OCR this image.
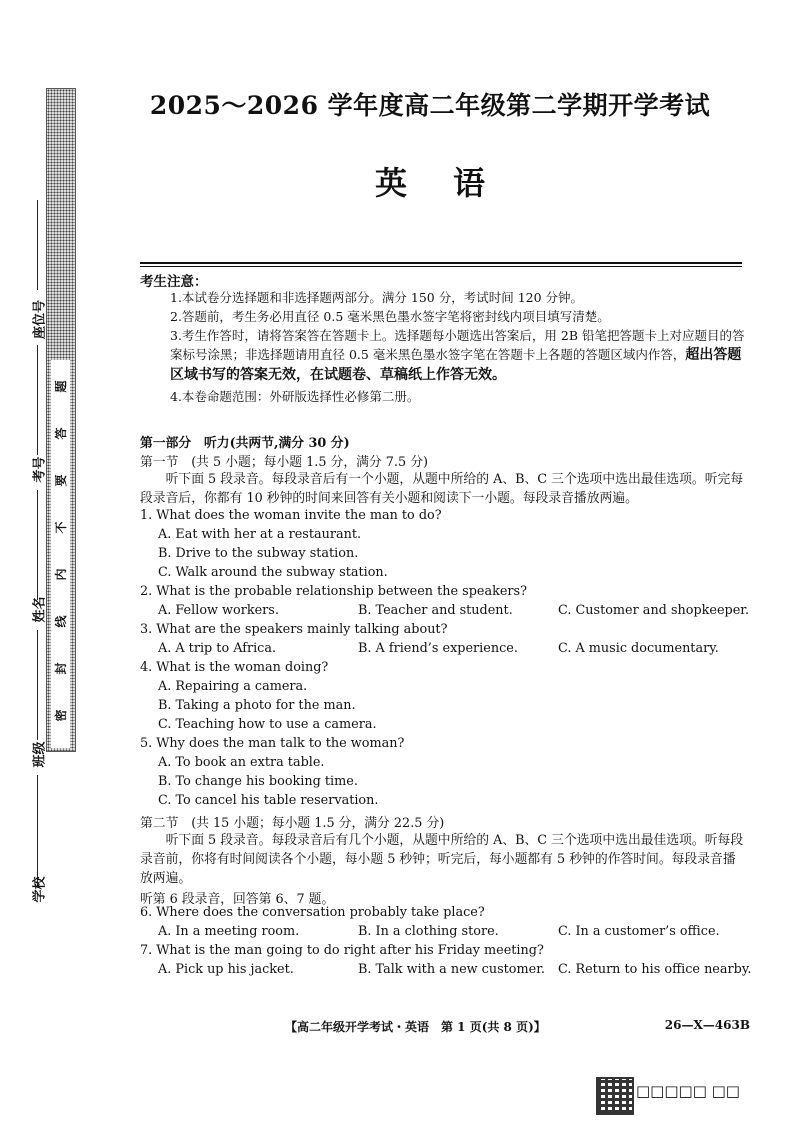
题
答
要
不
内
线
封
密
座位号
考号
姓名
班级
学校
2025～2026 学年度高二年级第二学期开学考试
英语
考生注意：
1.本试卷分选择题和非选择题两部分。满分 150 分，考试时间 120 分钟。
2.答题前，考生务必用直径 0.5 毫米黑色墨水签字笔将密封线内项目填写清楚。
3.考生作答时，请将答案答在答题卡上。选择题每小题选出答案后，用 2B 铅笔把答题卡上对应题目的答案标号涂黑；非选择题请用直径 0.5 毫米黑色墨水签字笔在答题卡上各题的答题区域内作答，超出答题区域书写的答案无效，在试题卷、草稿纸上作答无效。
4.本卷命题范围：外研版选择性必修第二册。
第一部分　听力(共两节,满分 30 分)
第一节　(共 5 小题；每小题 1.5 分，满分 7.5 分)
听下面 5 段录音。每段录音后有一个小题，从题中所给的 A、B、C 三个选项中选出最佳选项。听完每段录音后，你都有 10 秒钟的时间来回答有关小题和阅读下一小题。每段录音播放两遍。
1. What does the woman invite the man to do?
A. Eat with her at a restaurant.
B. Drive to the subway station.
C. Walk around the subway station.
2. What is the probable relationship between the speakers?
A. Fellow workers.	B. Teacher and student.	C. Customer and shopkeeper.
3. What are the speakers mainly talking about?
A. A trip to Africa.	B. A friend’s experience.	C. A music documentary.
4. What is the woman doing?
A. Repairing a camera.
B. Taking a photo for the man.
C. Teaching how to use a camera.
5. Why does the man talk to the woman?
A. To book an extra table.
B. To change his booking time.
C. To cancel his table reservation.
第二节　(共 15 小题；每小题 1.5 分，满分 22.5 分)
听下面 5 段录音。每段录音后有几个小题，从题中所给的 A、B、C 三个选项中选出最佳选项。听每段录音前，你将有时间阅读各个小题，每小题 5 秒钟；听完后，每小题都有 5 秒钟的作答时间。每段录音播放两遍。
听第 6 段录音，回答第 6、7 题。
6. Where does the conversation probably take place?
A. In a meeting room.	B. In a clothing store.	C. In a customer’s office.
7. What is the man going to do right after his Friday meeting?
A. Pick up his jacket.	B. Talk with a new customer. C. Return to his office nearby.
【高二年级开学考试・英语　第 1 页(共 8 页)】	26—X—463B
□□□□□ □□
